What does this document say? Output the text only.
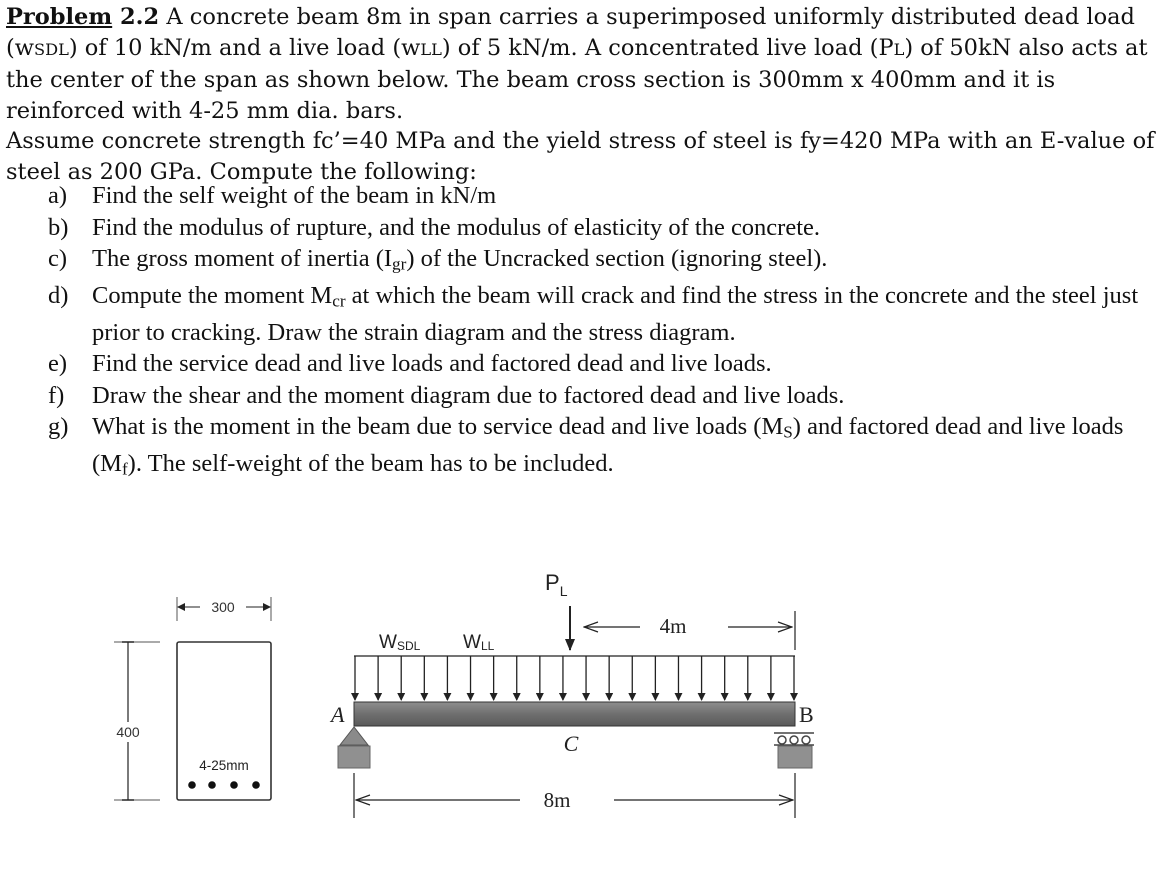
Problem 2.2 A concrete beam 8m in span carries a superimposed uniformly distributed dead load (wSDL) of 10 kN/m and a live load (wLL) of 5 kN/m. A concentrated live load (PL) of 50kN also acts at the center of the span as shown below. The beam cross section is 300mm x 400mm and it is reinforced with 4-25 mm dia. bars.

Assume concrete strength fc’=40 MPa and the yield stress of steel is fy=420 MPa with an E-value of steel as 200 GPa. Compute the following:

a)	Find the self weight of the beam in kN/m
b) Find the modulus of rupture, and the modulus of elasticity of the concrete.
c)	The gross moment of inertia $(I_{gr})$ of the Uncracked section (ignoring steel).
d) Compute the moment $M_{cr}$ at which the beam will crack and find the stress in the concrete and the steel just prior to cracking. Draw the strain diagram and the stress diagram.
e)	Find the service dead and live loads and factored dead and live loads.
f)	Draw the shear and the moment diagram due to factored dead and live loads.
g) What is the moment in the beam due to service dead and live loads $(M_S)$ and factored dead and live loads $(M_f)$. The self-weight of the beam has to be included.
300
400
4-25mm
$P_L$
4m
WSDL WLL
A	B
C
8m
